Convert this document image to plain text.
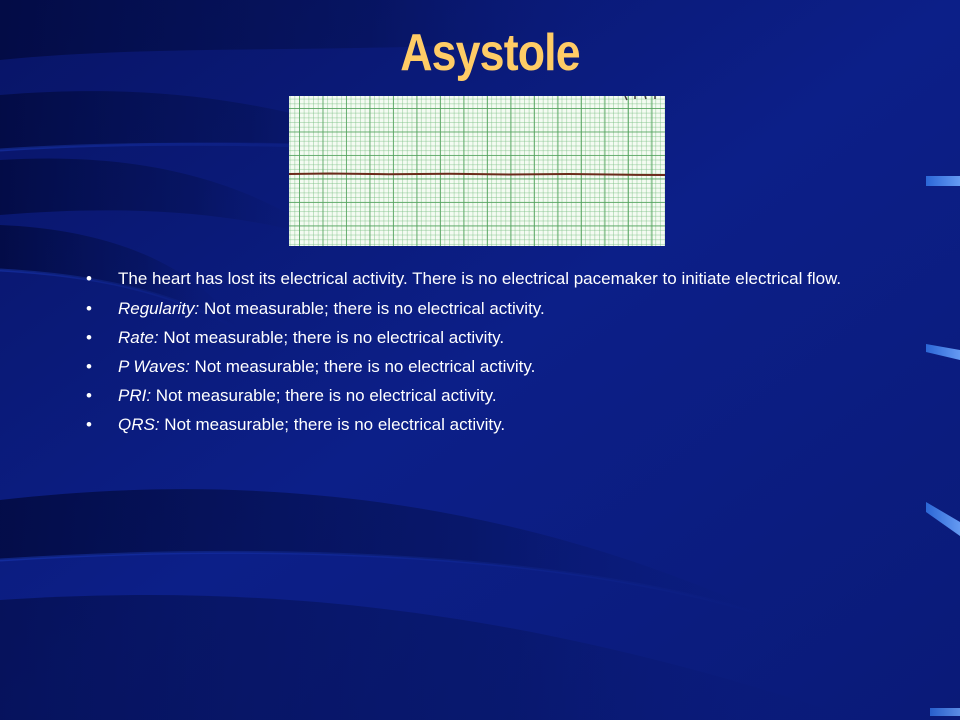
Asystole
• The heart has lost its electrical activity. There is no electrical pacemaker to initiate electrical flow.
• Regularity: Not measurable; there is no electrical activity.
• Rate: Not measurable; there is no electrical activity.
• P Waves: Not measurable; there is no electrical activity.
• PRI: Not measurable; there is no electrical activity.
• QRS: Not measurable; there is no electrical activity.
